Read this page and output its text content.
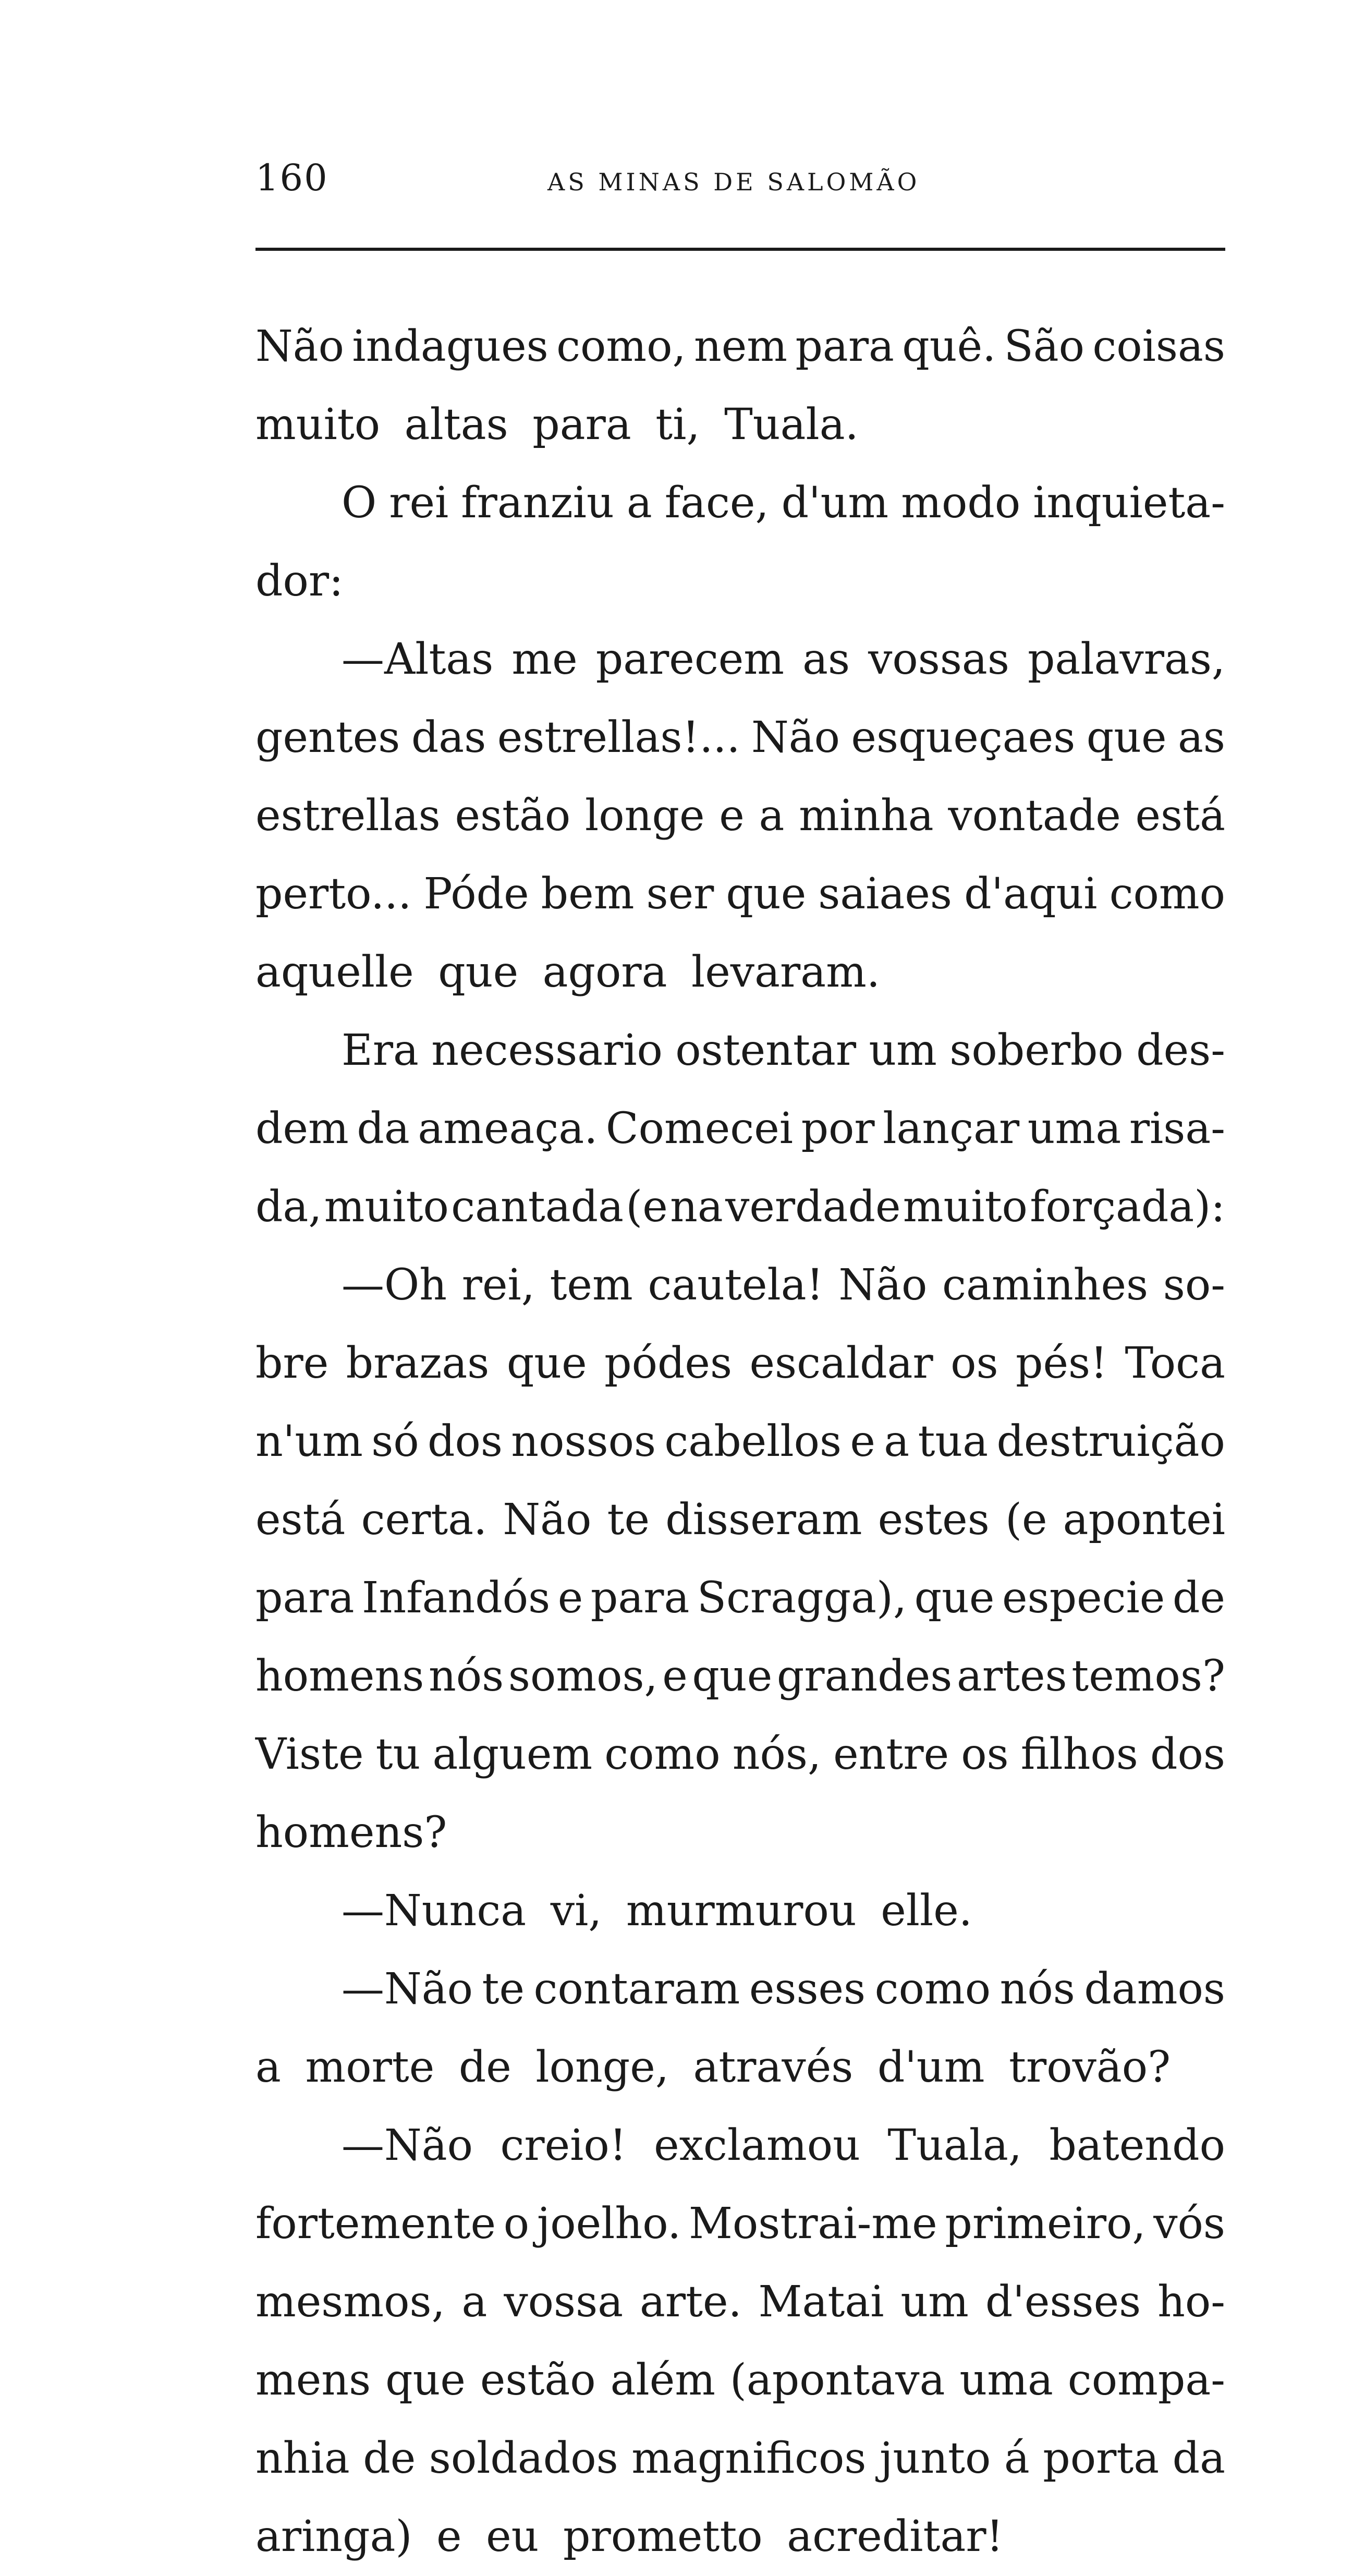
160	AS MINAS DE SALOMÃO
Não indagues como, nem para quê. São coisas
muito altas para ti, Tuala.
O rei franziu a face, d'um modo inquieta-
dor:
—Altas me parecem as vossas palavras,
gentes das estrellas!... Não esqueçaes que as
estrellas estão longe e a minha vontade está
perto... Póde bem ser que saiaes d'aqui como
aquelle que agora levaram.
Era necessario ostentar um soberbo des-
dem da ameaça. Comecei por lançar uma risa-
da, muito cantada (e na verdade muito forçada):
—Oh rei, tem cautela! Não caminhes so-
bre brazas que pódes escaldar os pés! Toca
n'um só dos nossos cabellos e a tua destruição
está certa. Não te disseram estes (e apontei
para Infandós e para Scragga), que especie de
homens nós somos, e que grandes artes temos?
Viste tu alguem como nós, entre os filhos dos
homens?
—Nunca vi, murmurou elle.
—Não te contaram esses como nós damos
a morte de longe, através d'um trovão?
—Não creio! exclamou Tuala, batendo
fortemente o joelho. Mostrai-me primeiro, vós
mesmos, a vossa arte. Matai um d'esses ho-
mens que estão além (apontava uma compa-
nhia de soldados magnificos junto á porta da
aringa) e eu prometto acreditar!
